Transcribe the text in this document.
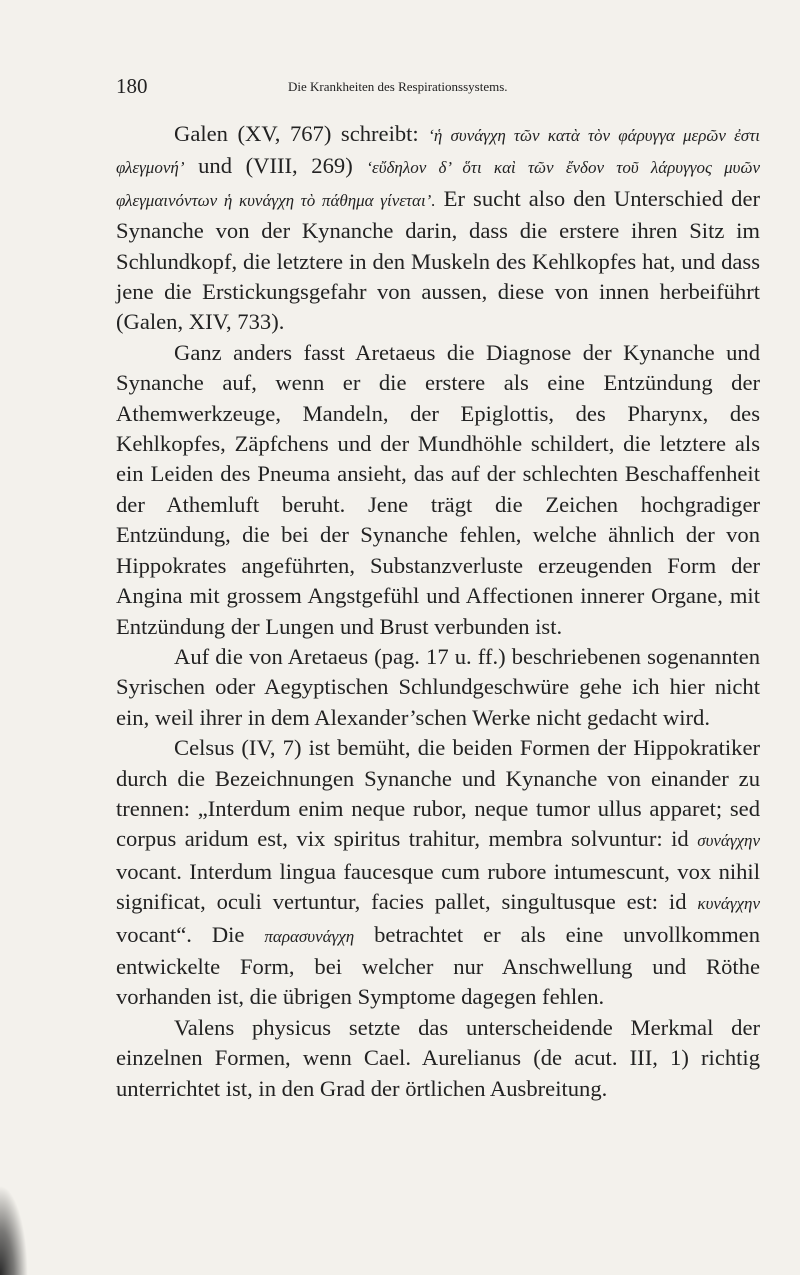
180	Die Krankheiten des Respirationssystems.

Galen (XV, 767) schreibt: ‘ἡ συνάγχη τῶν κατὰ τὸν φάρυγγα μερῶν ἐστι φλεγμονή’ und (VIII, 269) ‘εὔδηλον δ’ ὅτι καὶ τῶν ἔνδον τοῦ λάρυγγος μυῶν φλεγμαινόντων ἡ κυνάγχη τὸ πάθημα γίνεται’. Er sucht also den Unterschied der Synanche von der Kynanche darin, dass die erstere ihren Sitz im Schlundkopf, die letztere in den Muskeln des Kehlkopfes hat, und dass jene die Erstickungsgefahr von aussen, diese von innen herbeiführt (Galen, XIV, 733).

Ganz anders fasst Aretaeus die Diagnose der Kynanche und Synanche auf, wenn er die erstere als eine Entzündung der Athemwerkzeuge, Mandeln, der Epiglottis, des Pharynx, des Kehlkopfes, Zäpfchens und der Mundhöhle schildert, die letztere als ein Leiden des Pneuma ansieht, das auf der schlechten Beschaffenheit der Athemluft beruht. Jene trägt die Zeichen hochgradiger Entzündung, die bei der Synanche fehlen, welche ähnlich der von Hippokrates angeführten, Substanzverluste erzeugenden Form der Angina mit grossem Angstgefühl und Affectionen innerer Organe, mit Entzündung der Lungen und Brust verbunden ist.

Auf die von Aretaeus (pag. 17 u. ff.) beschriebenen sogenannten Syrischen oder Aegyptischen Schlundgeschwüre gehe ich hier nicht ein, weil ihrer in dem Alexander’schen Werke nicht gedacht wird.

Celsus (IV, 7) ist bemüht, die beiden Formen der Hippokratiker durch die Bezeichnungen Synanche und Kynanche von einander zu trennen: „Interdum enim neque rubor, neque tumor ullus apparet; sed corpus aridum est, vix spiritus trahitur, membra solvuntur: id συνάγχην vocant. Interdum lingua faucesque cum rubore intumescunt, vox nihil significat, oculi vertuntur, facies pallet, singultusque est: id κυνάγχην vocant“. Die παρασυνάγχη betrachtet er als eine unvollkommen entwickelte Form, bei welcher nur Anschwellung und Röthe vorhanden ist, die übrigen Symptome dagegen fehlen.

Valens physicus setzte das unterscheidende Merkmal der einzelnen Formen, wenn Cael. Aurelianus (de acut. III, 1) richtig unterrichtet ist, in den Grad der örtlichen Ausbreitung.
